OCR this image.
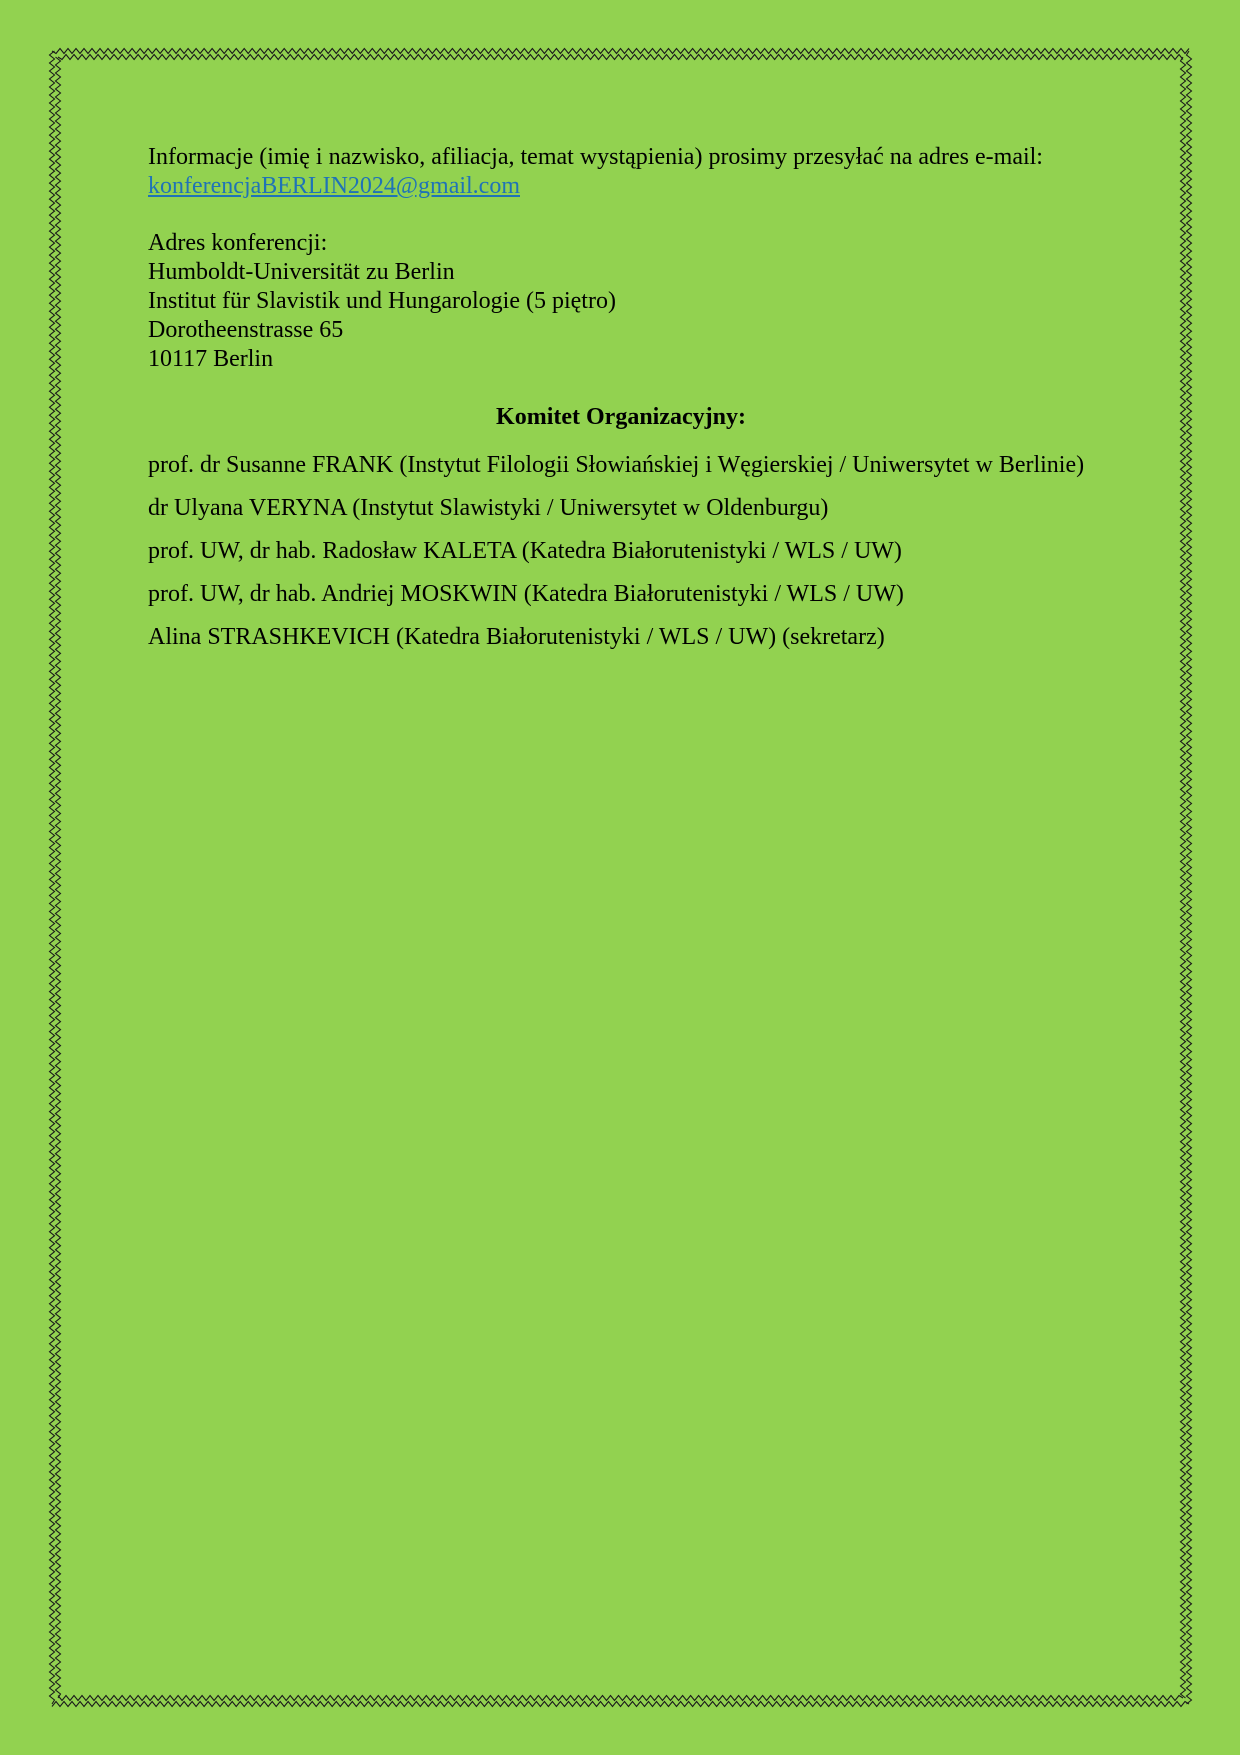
Informacje (imię i nazwisko, afiliacja, temat wystąpienia) prosimy przesyłać na adres e-mail:

konferencjaBERLIN2024@gmail.com
Adres konferencji:
Humboldt-Universität zu Berlin
Institut für Slavistik und Hungarologie (5 piętro)
Dorotheenstrasse 65
10117 Berlin
Komitet Organizacyjny:

prof. dr Susanne FRANK (Instytut Filologii Słowiańskiej i Węgierskiej / Uniwersytet w Berlinie)

dr Ulyana VERYNA (Instytut Slawistyki / Uniwersytet w Oldenburgu)

prof. UW, dr hab. Radosław KALETA (Katedra Białorutenistyki / WLS / UW)

prof. UW, dr hab. Andriej MOSKWIN (Katedra Białorutenistyki / WLS / UW)

Alina STRASHKEVICH (Katedra Białorutenistyki / WLS / UW) (sekretarz)
